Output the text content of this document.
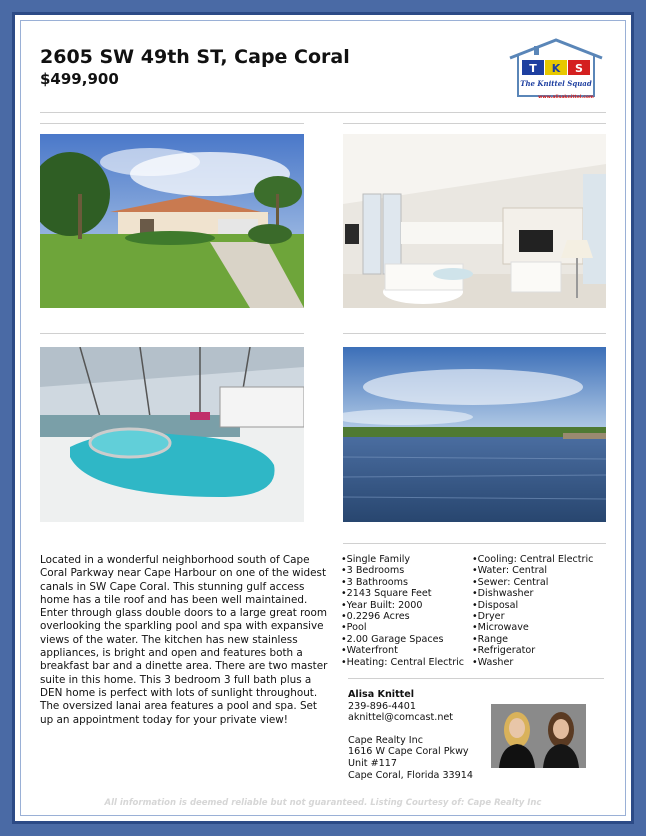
2605 SW 49th ST, Cape Coral
$499,900
T K S
The Knittel Squad
www.alisaknittel.com
Located in a wonderful neighborhood south of Cape Coral Parkway near Cape Harbour on one of the widest canals in SW Cape Coral. This stunning gulf access home has a tile roof and has been well maintained. Enter through glass double doors to a large great room overlooking the sparkling pool and spa with expansive views of the water. The kitchen has new stainless appliances, is bright and open and features both a breakfast bar and a dinette area. There are two master suite in this home. This 3 bedroom 3 full bath plus a DEN home is perfect with lots of sunlight throughout. The oversized lanai area features a pool and spa. Set up an appointment today for your private view!
• Single Family
• 3 Bedrooms
• 3 Bathrooms
• 2143 Square Feet
• Year Built: 2000
• 0.2296 Acres
• Pool
• 2.00 Garage Spaces
• Waterfront
• Heating: Central Electric
• Cooling: Central Electric
• Water: Central
• Sewer: Central
• Dishwasher
• Disposal
• Dryer
• Microwave
• Range
• Refrigerator
• Washer
Alisa Knittel
239-896-4401
aknittel@comcast.net
Cape Realty Inc
1616 W Cape Coral Pkwy
Unit #117
Cape Coral, Florida 33914
All information is deemed reliable but not guaranteed. Listing Courtesy of: Cape Realty Inc
